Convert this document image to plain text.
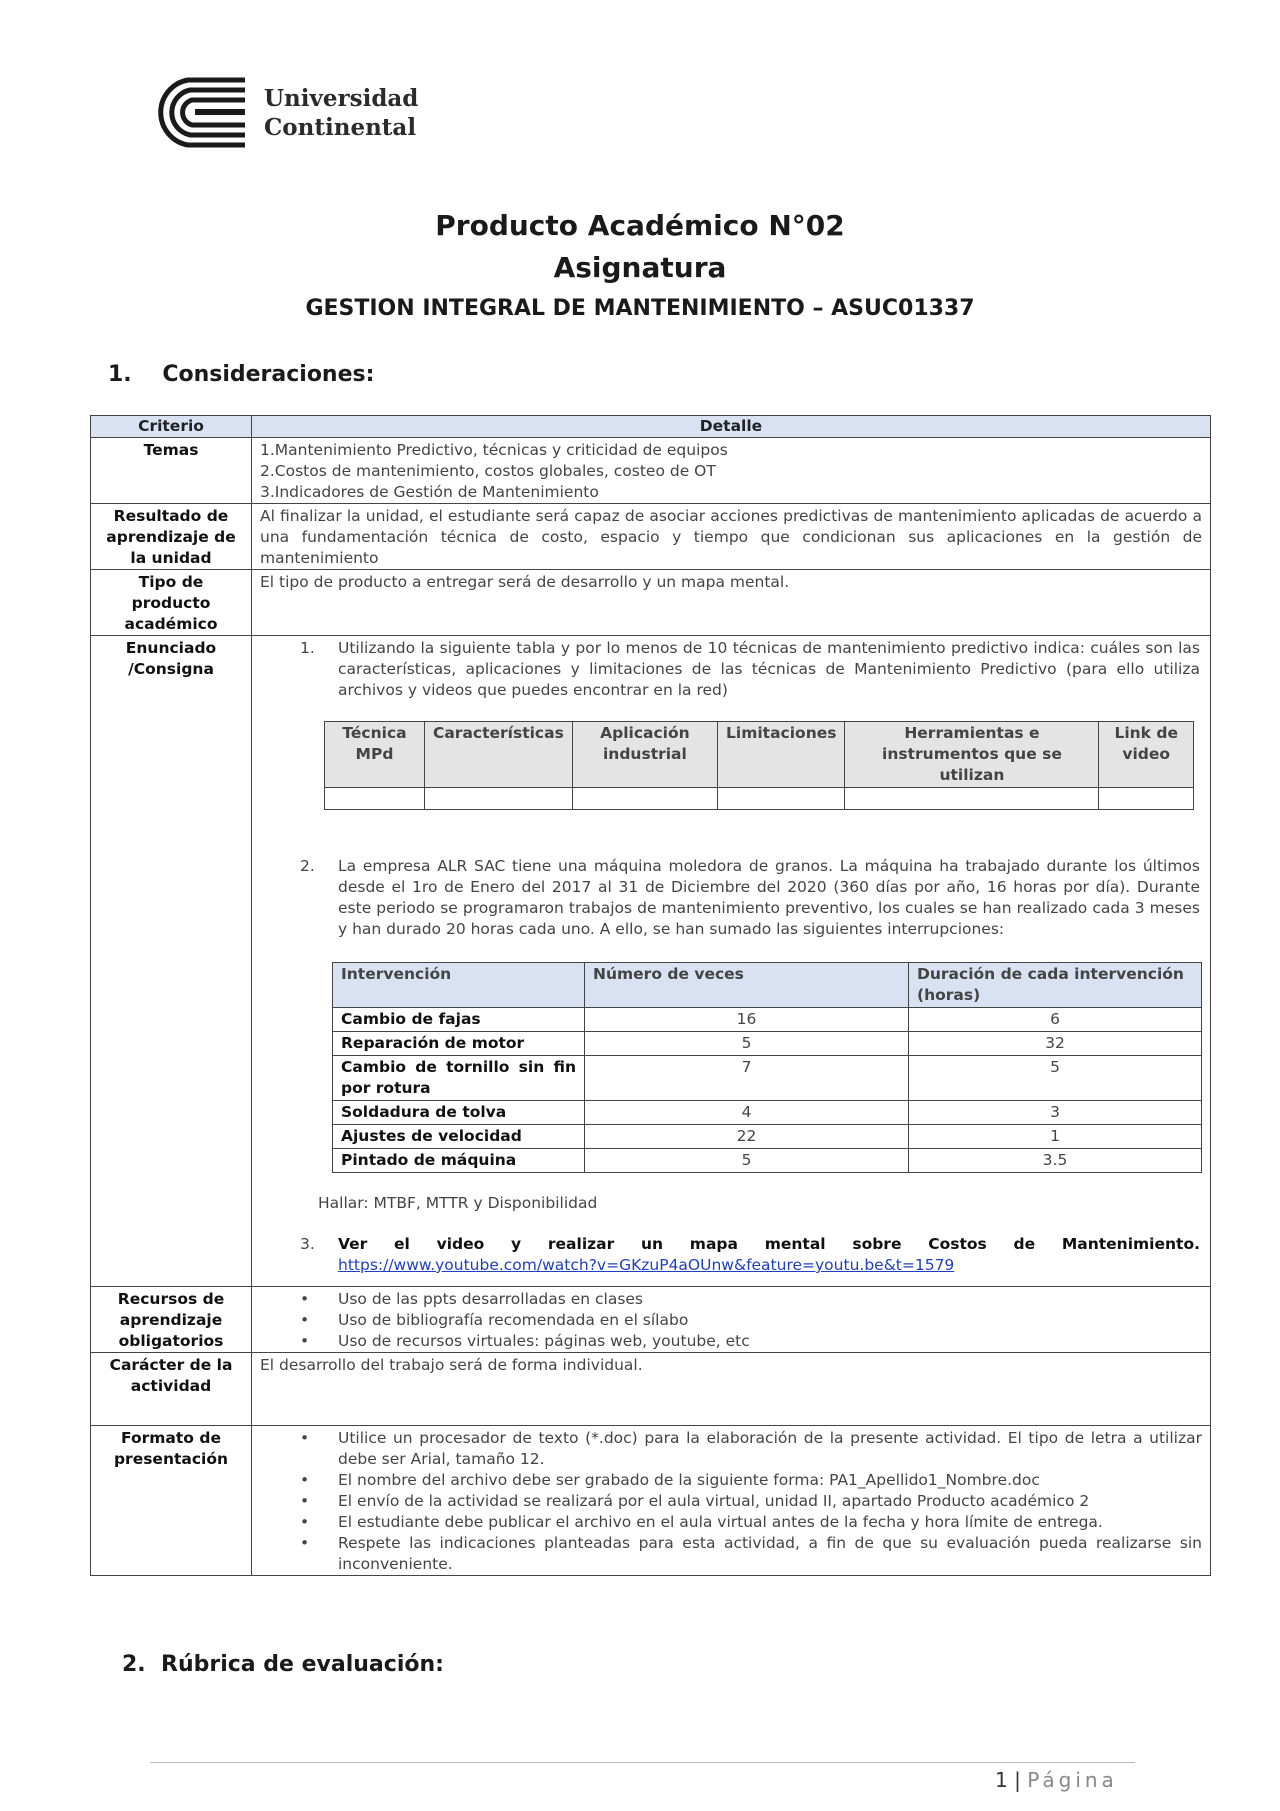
Universidad
Continental
Producto Académico N°02
Asignatura
GESTION INTEGRAL DE MANTENIMIENTO – ASUC01337
1. Consideraciones:
Criterio	Detalle
Temas	1.Mantenimiento Predictivo, técnicas y criticidad de equipos
2.Costos de mantenimiento, costos globales, costeo de OT
3.Indicadores de Gestión de Mantenimiento

Resultado de aprendizaje de la unidad	Al finalizar la unidad, el estudiante será capaz de asociar acciones predictivas de mantenimiento aplicadas de acuerdo a una fundamentación técnica de costo, espacio y tiempo que condicionan sus aplicaciones en la gestión de mantenimiento
Tipo de producto académico	El tipo de producto a entregar será de desarrollo y un mapa mental.
Enunciado /Consigna	
1.	Utilizando la siguiente tabla y por lo menos de 10 técnicas de mantenimiento predictivo indica: cuáles son las características, aplicaciones y limitaciones de las técnicas de Mantenimiento Predictivo (para ello utiliza archivos y videos que puedes encontrar en la red)
Técnica MPd	Características	Aplicación industrial	Limitaciones	Herramientas e instrumentos que se utilizan	Link de video

2.	La empresa ALR SAC tiene una máquina moledora de granos. La máquina ha trabajado durante los últimos desde el 1ro de Enero del 2017 al 31 de Diciembre del 2020 (360 días por año, 16 horas por día). Durante este periodo se programaron trabajos de mantenimiento preventivo, los cuales se han realizado cada 3 meses y han durado 20 horas cada uno. A ello, se han sumado las siguientes interrupciones:
Intervención	Número de veces	Duración de cada intervención (horas)
Cambio de fajas	16	6
Reparación de motor	5	32
Cambio de tornillo sin fin por rotura	7	5
Soldadura de tolva	4	3
Ajustes de velocidad	22	1
Pintado de máquina	5	3.5
Hallar: MTBF, MTTR y Disponibilidad
3.	Ver el video y realizar un mapa mental sobre Costos de Mantenimiento.
https://www.youtube.com/watch?v=GKzuP4aOUnw&feature=youtu.be&t=1579

Recursos de aprendizaje obligatorios	
•	Uso de las ppts desarrolladas en clases
•	Uso de bibliografía recomendada en el sílabo
•	Uso de recursos virtuales: páginas web, youtube, etc

Carácter de la actividad	El desarrollo del trabajo será de forma individual.
Formato de presentación	
•	Utilice un procesador de texto (*.doc) para la elaboración de la presente actividad. El tipo de letra a utilizar debe ser Arial, tamaño 12.
•	El nombre del archivo debe ser grabado de la siguiente forma: PA1_Apellido1_Nombre.doc
•	El envío de la actividad se realizará por el aula virtual, unidad II, apartado Producto académico 2
•	El estudiante debe publicar el archivo en el aula virtual antes de la fecha y hora límite de entrega.
•	Respete las indicaciones planteadas para esta actividad, a fin de que su evaluación pueda realizarse sin inconveniente.
2. Rúbrica de evaluación:
1 | Página
